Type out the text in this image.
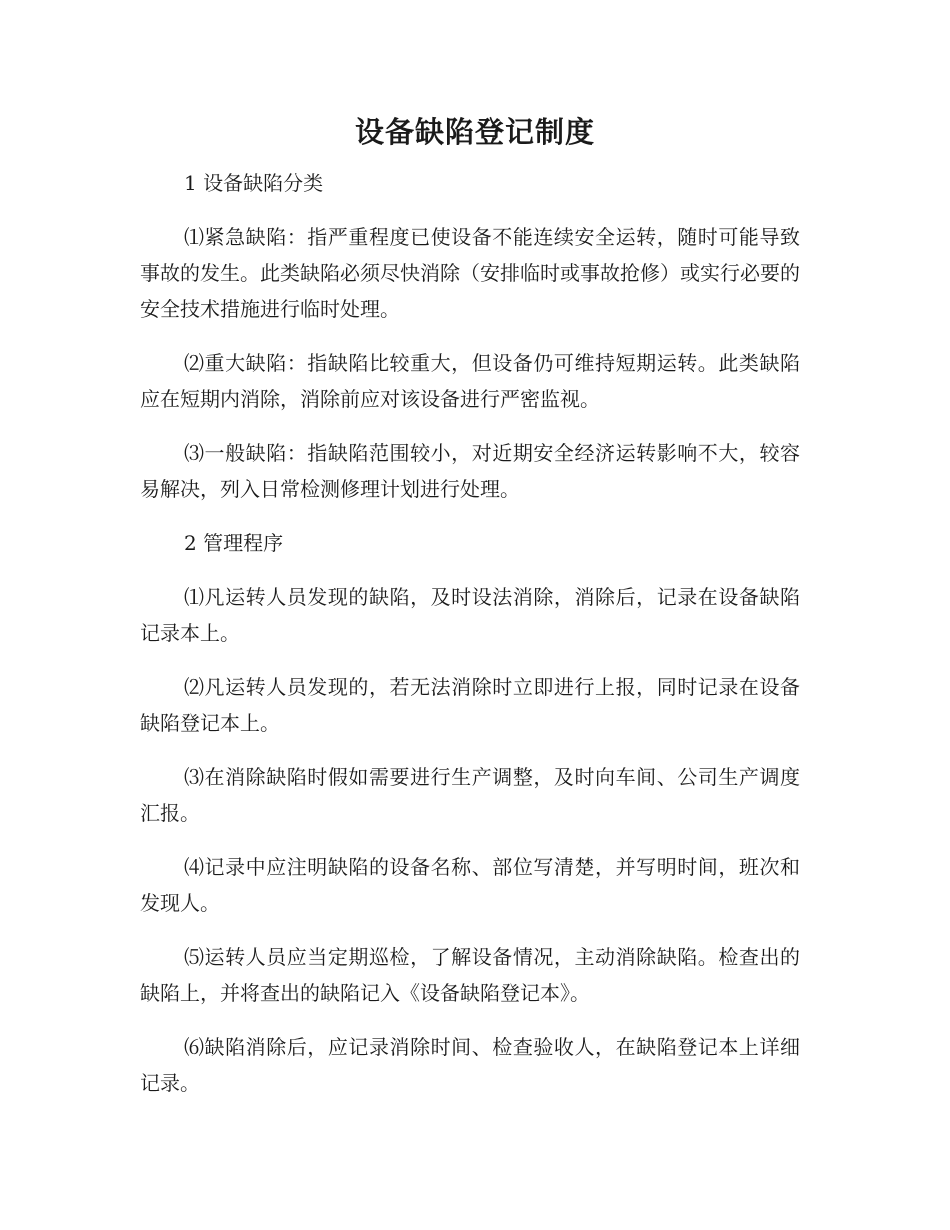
设备缺陷登记制度

1 设备缺陷分类

⑴紧急缺陷：指严重程度已使设备不能连续安全运转，随时可能导致事故的发生。此类缺陷必须尽快消除（安排临时或事故抢修）或实行必要的安全技术措施进行临时处理。

⑵重大缺陷：指缺陷比较重大，但设备仍可维持短期运转。此类缺陷应在短期内消除，消除前应对该设备进行严密监视。

⑶一般缺陷：指缺陷范围较小，对近期安全经济运转影响不大，较容易解决，列入日常检测修理计划进行处理。

2 管理程序

⑴凡运转人员发现的缺陷，及时设法消除，消除后，记录在设备缺陷记录本上。

⑵凡运转人员发现的，若无法消除时立即进行上报，同时记录在设备缺陷登记本上。

⑶在消除缺陷时假如需要进行生产调整，及时向车间、公司生产调度汇报。

⑷记录中应注明缺陷的设备名称、部位写清楚，并写明时间，班次和发现人。

⑸运转人员应当定期巡检，了解设备情况，主动消除缺陷。检查出的缺陷上，并将查出的缺陷记入《设备缺陷登记本》。

⑹缺陷消除后，应记录消除时间、检查验收人，在缺陷登记本上详细记录。
